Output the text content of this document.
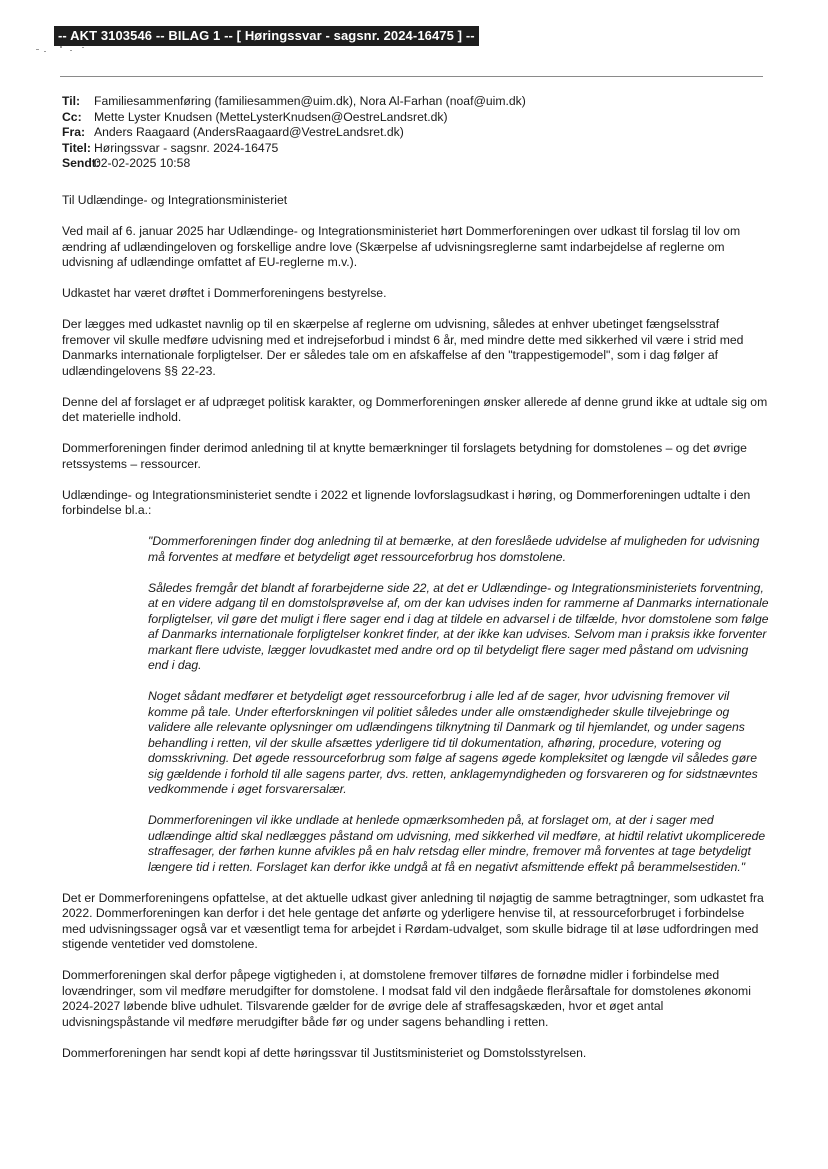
-- AKT 3103546 -- BILAG 1 -- [ Høringssvar - sagsnr. 2024-16475 ] --
Til:	Familiesammenføring (familiesammen@uim.dk), Nora Al-Farhan (noaf@uim.dk)
Cc:	Mette Lyster Knudsen (MetteLysterKnudsen@OestreLandsret.dk)
Fra: Anders Raagaard (AndersRaagaard@VestreLandsret.dk)
Titel: Høringssvar - sagsnr. 2024-16475
Sendt:
02-02-2025 10:58

Til Udlændinge- og Integrationsministeriet

Ved mail af 6. januar 2025 har Udlændinge- og Integrationsministeriet hørt Dommerforeningen over udkast til forslag til lov om ændring af udlændingeloven og forskellige andre love (Skærpelse af udvisningsreglerne samt indarbejdelse af reglerne om udvisning af udlændinge omfattet af EU-reglerne m.v.).

Udkastet har været drøftet i Dommerforeningens bestyrelse.

Der lægges med udkastet navnlig op til en skærpelse af reglerne om udvisning, således at enhver ubetinget fængselsstraf fremover vil skulle medføre udvisning med et indrejseforbud i mindst 6 år, med mindre dette med sikkerhed vil være i strid med Danmarks internationale forpligtelser. Der er således tale om en afskaffelse af den "trappestigemodel", som i dag følger af udlændingelovens §§ 22-23.

Denne del af forslaget er af udpræget politisk karakter, og Dommerforeningen ønsker allerede af denne grund ikke at udtale sig om det materielle indhold.

Dommerforeningen finder derimod anledning til at knytte bemærkninger til forslagets betydning for domstolenes – og det øvrige retssystems – ressourcer.

Udlændinge- og Integrationsministeriet sendte i 2022 et lignende lovforslagsudkast i høring, og Dommerforeningen udtalte i den forbindelse bl.a.:

"Dommerforeningen finder dog anledning til at bemærke, at den foreslåede udvidelse af muligheden for udvisning må forventes at medføre et betydeligt øget ressourceforbrug hos domstolene.

Således fremgår det blandt af forarbejderne side 22, at det er Udlændinge- og Integrationsministeriets forventning, at en videre adgang til en domstolsprøvelse af, om der kan udvises inden for rammerne af Danmarks internationale forpligtelser, vil gøre det muligt i flere sager end i dag at tildele en advarsel i de tilfælde, hvor domstolene som følge af Danmarks internationale forpligtelser konkret finder, at der ikke kan udvises. Selvom man i praksis ikke forventer markant flere udviste, lægger lovudkastet med andre ord op til betydeligt flere sager med påstand om udvisning end i dag.

Noget sådant medfører et betydeligt øget ressourceforbrug i alle led af de sager, hvor udvisning fremover vil komme på tale. Under efterforskningen vil politiet således under alle omstændigheder skulle tilvejebringe og validere alle relevante oplysninger om udlændingens tilknytning til Danmark og til hjemlandet, og under sagens behandling i retten, vil der skulle afsættes yderligere tid til dokumentation, afhøring, procedure, votering og domsskrivning. Det øgede ressourceforbrug som følge af sagens øgede kompleksitet og længde vil således gøre sig gældende i forhold til alle sagens parter, dvs. retten, anklagemyndigheden og forsvareren og for sidstnævntes vedkommende i øget forsvarersalær.

Dommerforeningen vil ikke undlade at henlede opmærksomheden på, at forslaget om, at der i sager med udlændinge altid skal nedlægges påstand om udvisning, med sikkerhed vil medføre, at hidtil relativt ukomplicerede straffesager, der førhen kunne afvikles på en halv retsdag eller mindre, fremover må forventes at tage betydeligt længere tid i retten. Forslaget kan derfor ikke undgå at få en negativt afsmittende effekt på berammelsestiden."

Det er Dommerforeningens opfattelse, at det aktuelle udkast giver anledning til nøjagtig de samme betragtninger, som udkastet fra 2022. Dommerforeningen kan derfor i det hele gentage det anførte og yderligere henvise til, at ressourceforbruget i forbindelse med udvisningssager også var et væsentligt tema for arbejdet i Rørdam-udvalget, som skulle bidrage til at løse udfordringen med stigende ventetider ved domstolene.

Dommerforeningen skal derfor påpege vigtigheden i, at domstolene fremover tilføres de fornødne midler i forbindelse med lovændringer, som vil medføre merudgifter for domstolene. I modsat fald vil den indgåede flerårsaftale for domstolenes økonomi 2024-2027 løbende blive udhulet. Tilsvarende gælder for de øvrige dele af straffesagskæden, hvor et øget antal udvisningspåstande vil medføre merudgifter både før og under sagens behandling i retten.

Dommerforeningen har sendt kopi af dette høringssvar til Justitsministeriet og Domstolsstyrelsen.
